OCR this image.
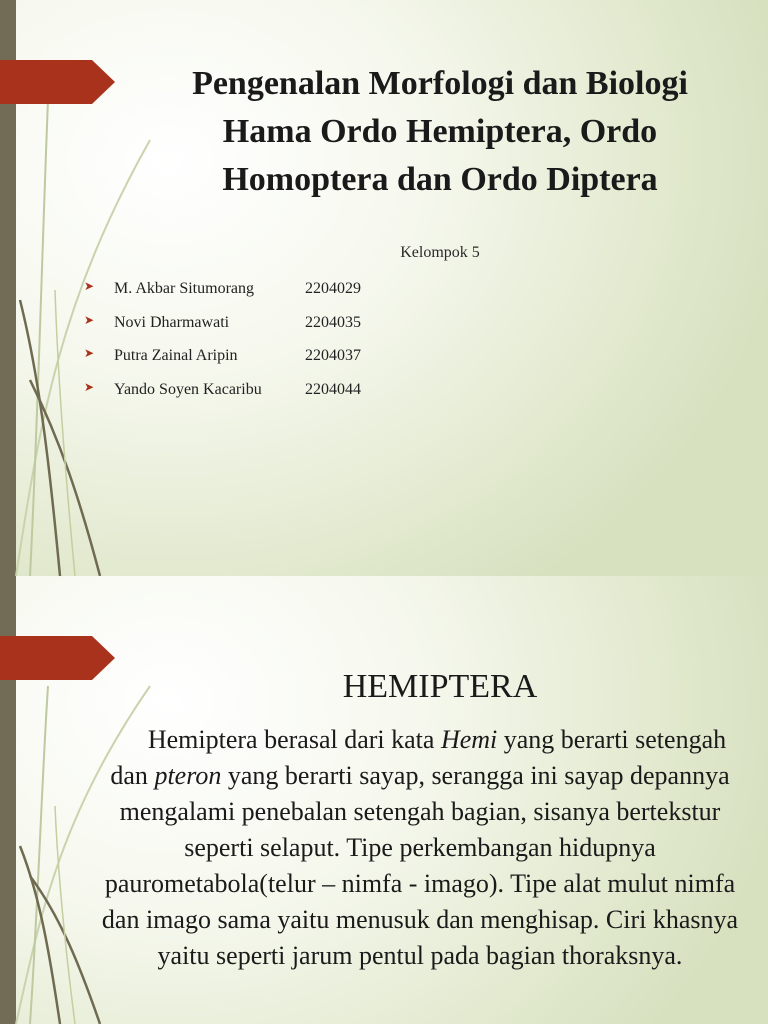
Pengenalan Morfologi dan Biologi Hama Ordo Hemiptera, Ordo Homoptera dan Ordo Diptera
Kelompok 5
➤ M. Akbar Situmorang	2204029
➤ Novi Dharmawati	2204035
➤ Putra Zainal Aripin	2204037
➤ Yando Soyen Kacaribu	2204044
HEMIPTERA

Hemiptera berasal dari kata Hemi yang berarti setengah dan pteron yang berarti sayap, serangga ini sayap depannya mengalami penebalan setengah bagian, sisanya bertekstur seperti selaput. Tipe perkembangan hidupnya paurometabola(telur – nimfa - imago). Tipe alat mulut nimfa dan imago sama yaitu menusuk dan menghisap. Ciri khasnya yaitu seperti jarum pentul pada bagian thoraksnya.
